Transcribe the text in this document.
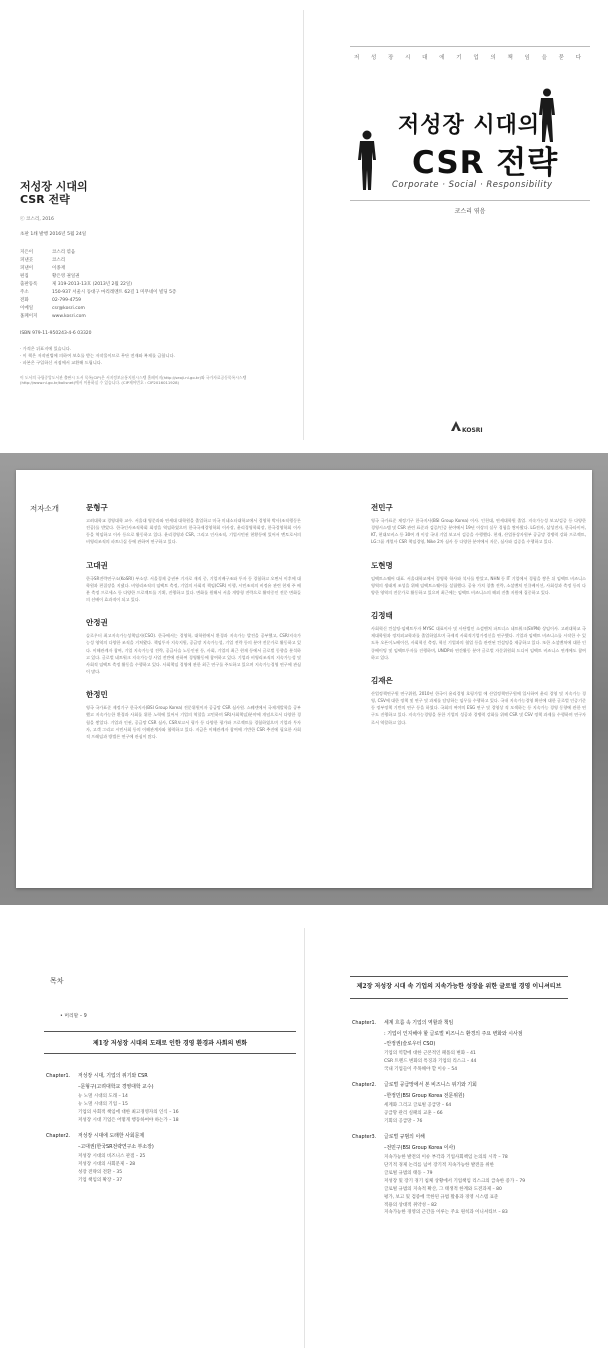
저성장 시대의
CSR 전략
ⓒ 코스리, 2016
초판 1쇄 발행 2016년 5월 24일
지은이	코스리 엮음
펴낸곳	코스리
펴낸이	이종재
편집	황은영 권일권
출판등록	제 319-2013-13호 (2013년 2월 22일)
주소	150-937 서울시 동대구 마리레멘트 62길 1 미무네이 빌딩 5층
전화	02-799-4759
이메일	csr@kosri.com
홈페이지	www.kosri.com
ISBN 979-11-950243-4-6 03320
· 가격은 뒤표지에 있습니다.
· 이 책은 저작권법에 의하여 보호를 받는 저작물이므로 무단 전재와 복제를 금합니다.
· 파본은 구입하신 서점에서 교환해 드립니다.
이 도서의 국립중앙도서관 출판시 도서 목록(CIP)은 서지정보유통지원시스템 홈페이지(http://seoji.nl.go.kr)와 국가자료공동목록시스템(http://www.nl.go.kr/kolisnet)에서 이용하실 수 있습니다. (CIP제어번호 : CIP2016011928)
저 성 장 시 대 에 기 업 의 책 임 을 묻 다
저성장 시대의
CSR 전략
Corporate · Social · Responsibility
코스리 엮음
KOSRI
저자소개	문형구
고려대학교 경영대학 교수. 서울대 영문과와 연세대 대학원을 졸업하고 미국 미네소타대학교에서 경영학 박사(조직행동론 전공)를 받았다. 한국인사조직학회 회장을 역임하였으며 한국국제경영학회 이사장, 윤리경영학회장, 한국경영학회 이사 등을 역임하고 이사 등으로 활동하고 있다. 윤리경영과 CSR, 그리고 인사조직, 기업시민권 현황등에 있어서 멘토로서의 비영리조직의 파트너십 등에 관하여 연구하고 있다.
고대권
한국SR전략연구소(KoSRI) 부소장. 서울경제 증권부 기자로 재직 중, 기업지배구조와 투자 등 경험하고 오면서 이후에 대학원과 편집장을 지냈다. 비영리조직의 임팩트 측정, 기업의 사회적 책임(CSR) 이행, 시민조직의 비정유 관련 현재 주 배분 측정 프로세스 등 다양한 프로젝트를 기획, 진행하고 있다. 변화를 원해서 서울 개방형 전략으로 활약중인 전문 변화들의 선배이 효과적이 되고 있다.
안정권
슬로우터 최고지속가능성책임자(CSO). 한국에서는 경영학, 대학원에서 환경과 지속가능 발전을 공부했고, CSR/지속가능성 영역의 다양한 조직을 거쳐왔다. 책임투자 지속지원, 공급망 지속가능성, 기업 전략 등의 분야 전문가로 활동하고 있다. 이해관계자 참여, 기업 지속가능성 전략, 공급사슬 노동인권 등, 사회, 기업의 최근 현재 등에서 글로벌 동향을 분석하고 있다. 글로벌 네트워크 지속가능성 사업 전반에 관하여 경영활동에 참여하고 있다. 기업과 비영리조직의 지속가능성 및 사회적 임팩트 측정 활동을 수행하고 있다. 사회책임 경영에 관한 최근 연구를 주도하고 있으며 지속가능경영 연구에 관심이 많다.
한정민
영국 국가표준 제정기구 한국지사(BSI Group Korea) 전문위원이자 공급망 CSR 심사원. 스웨덴에서 국제개발학을 공부했고 지속가능한 환경과 사회를 위한 노력에 있어서 기업의 역할을 고민하며 SR(사회책임)분야에 개념으로서 다양한 경험을 쌓았다. 기업과 인권, 공급망 CSR 심사, CSR보고서 평가 등 다양한 평가와 프로젝트를 경험하였으며 기업과 투자자, 고객 그리고 시민사회 등의 이해관계자와 협력하고 있다. 지금은 이해관계자 참여에 기반한 CSR 추진에 필요한 사회적 프레임과 방법론 연구에 관심이 많다.
전민구
영국 국가표준 제정기구 한국지사(BSI Group Korea) 이사. 인천대, 연세대학원 졸업. 지속가능성 보고/검증 등 다양한 경영시스템 및 CSR 관련 표준과 검증/인증 분야에서 19년 이상의 실무 경험을 쌓아왔다. LG전자, 삼성전자, 한국타이어, KT, 현대모비스 등 30여 개 이상 국내 기업 보고서 검증을 수행했다. 현재, 산업통상자원부 공급망 경쟁력 강화 프로젝트, LG그룹 계열사 CSR 책임경영, Nike 2차 심사 등 다양한 분야에서 자문, 심사와 검증을 수행하고 있다.
도현명
임팩트스퀘어 대표. 서울대학교에서 경영학 학사와 석사를 받았고, NHN 등 IT 기업에서 경험을 쌓은 뒤 임팩트 비즈니스 영역의 생태계 조성을 위해 임팩트스퀘어를 설립했다. 공유 가치 창출 전략, 소셜벤처 인큐베이션, 사회성과 측정 등의 다양한 영역의 전문가로 활동하고 있으며 최근에는 임팩트 비즈니스의 해외 진출 지원에 집중하고 있다.
김정태
사회혁신 컨설팅·임팩트투자 MYSC 대표이사 및 사단법인 소셜벤처 파트너스 네트워크(SVPN) 상임이사. 고려대학교 국제대학원과 정치외교학과를 졸업하였으며 국제적 사회적기업가정신을 연구했다. 기업과 임팩트 비즈니스를 시작한 수 있도록 오픈이노베이션, 사회혁신 측정, 혁신 기업과의 협업 등을 관련된 컨설팅을 제공하고 있다. 또한 소셜벤처에 대한 인큐베이팅 및 임팩트투자를 진행하며, UNDP와 연간활동 분야 글로벌 자문위원회 드디어 임팩트 비즈니스 연계에도 참여하고 있다.
김재은
산업정책연구원 연구위원, 2010년 한국이 윤리경영 호평가업 에 산업정책연구원에 입사하여 윤리 경영 및 지속가능 경영, CSV에 대한 정책 및 연구 및 과제를 담당하는 임무를 수행하고 있다. 국내 지속가능경영 확산에 대한 글로벌 인증기준 등 정부정책 기반의 연구 등을 하였다. 국회의 여야의 ESG 연구 및 경영상 적 모색하는 등 지속가능 경영 동향에 관한 연구도 진행하고 있다. 지속가능경영을 통한 기업의 성공과 경쟁력 강화를 위해 CSR 및 CSV 정책 과제를 수행하며 연구자로서 역할하고 있다.
목차
• 머리말 – 9
제1장 저성장 시대의 도래로 인한 경영 환경과 사회의 변화
Chapter1.	저성장 시대, 기업의 위기와 CSR
–문형구(고려대학교 경영대학 교수)
뉴 노멀 시대의 도래 – 14
뉴 노멀 시대의 기업 – 15
기업의 사회적 책임에 대한 최고경영자의 인식 – 16
저성장 시대 기업은 어떻게 행동하여야 하는가 – 18
Chapter2.	저성장 시대에 도래한 사회문제
–고대권(한국SR전략연구소 부소장)
저성장 시대의 비즈니스 관점 – 25
저성장 시대의 사회문제 – 28
성장 전략의 전환 – 35
기업 책임의 확장 – 37
제2장 저성장 시대 속 기업의 지속가능한 성장을 위한 글로벌 경영 이니셔티브
Chapter1.	세계 흐름 속 기업의 역할과 책임
: 기업이 인지해야 할 글로벌 비즈니스 환경의 주요 변화와 시사점
–안정권(슬로우터 CSO)
기업의 역할에 대한 근본적인 패틀의 변화 – 41
CSR 트렌드 변화의 특징과 기업의 리스크 – 44
국내 기업들이 주목해야 할 이슈 – 54
Chapter2.	글로벌 공급망에서 본 비즈니스 위기와 기회
–한정민(BSI Group Korea 전문위원)
세계화 그리고 글로벌 공급망 – 64
공급망 관리 실패의 교훈 – 66
기회의 공급망 – 76
Chapter3.	글로벌 규범의 이해
–전민구(BSI Group Korea 이사)
지속가능한 발전의 이슈 부각과 기업사회책임 논의의 시작 – 78
단기적 경제 논리를 넘어 장기적 지속가능한 발전을 위한
글로벌 규범의 태동 – 79
저성장 및 장기 경기 침체 상황에서 기업책임 리스크의 급속한 증가 – 79
글로벌 규범의 지속적 확산, 그 태생적 한계와 도전과제 – 80
평가, 보고 및 검증에 국한된 규범 활용과 경영 시스템 표준
적용의 상대적 취약성 – 82
지속가능한 경영의 근간을 이루는 주요 원칙과 이니셔티브 – 83
